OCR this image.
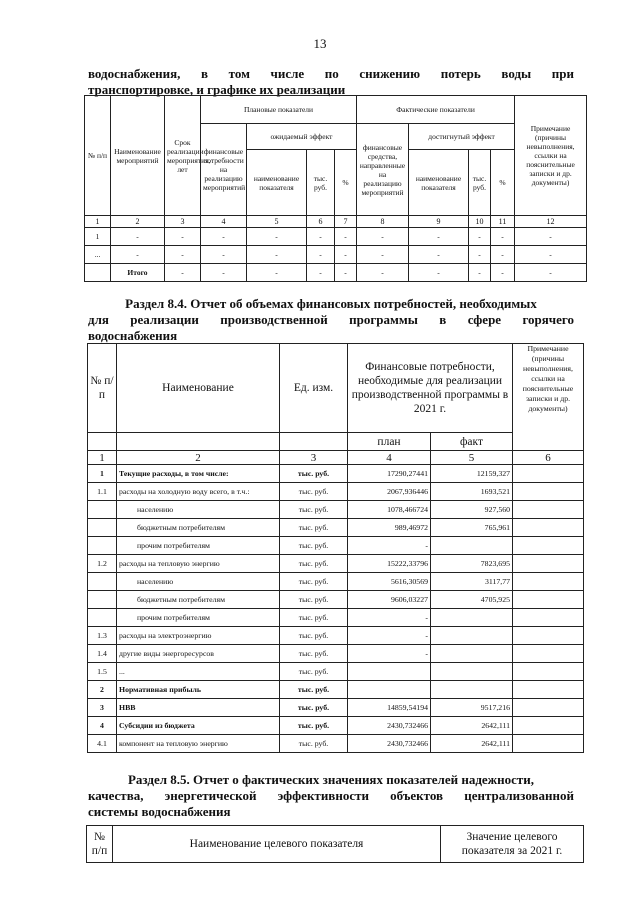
13
водоснабжения, в том числе по снижению потерь воды при
транспортировке, и графике их реализации
№ п/п	Наименование мероприятий	Срок реализации мероприятия, лет	Плановые показатели				Фактические показатели				Примечание (причины невыполнения, ссылки на пояснительные записки и др. документы)
			финансовые потребности на реализацию мероприятий	ожидаемый эффект			финансовые средства, направленные на реализацию мероприятий	достигнутый эффект			
				наименование показателя	тыс. руб.	%		наименование показателя	тыс. руб.	%	
1	2	3	4	5	6	7	8	9	10	11	12
1	-	-	-	-	-	-	-	-	-	-	-
...	-	-	-	-	-	-	-	-	-	-	-
	Итого	-	-	-	-	-	-	-	-	-	-
Раздел 8.4. Отчет об объемах финансовых потребностей, необходимых
для реализации производственной программы в сфере горячего
водоснабжения
№ п/п	Наименование	Ед. изм.	Финансовые потребности, необходимые для реализации производственной программы в 2021 г.		Примечание (причины невыполнения, ссылки на пояснительные записки и др. документы)

			план	факт	
1	2	3	4	5	6
1	Текущие расходы, в том числе:	тыс. руб.	17290,27441	12159,327	
1.1	расходы на холодную воду всего, в т.ч.:	тыс. руб.	2067,936446	1693,521	
	населению	тыс. руб.	1078,466724	927,560	
	бюджетным потребителям	тыс. руб.	989,46972	765,961	
	прочим потребителям	тыс. руб.	-		
1.2	расходы на тепловую энергию	тыс. руб.	15222,33796	7823,695	
	населению	тыс. руб.	5616,30569	3117,77	
	бюджетным потребителям	тыс. руб.	9606,03227	4705,925	
	прочим потребителям	тыс. руб.	-		
1.3	расходы на электроэнергию	тыс. руб.	-		
1.4	другие виды энергоресурсов	тыс. руб.	-		
1.5	...	тыс. руб.			
2	Нормативная прибыль	тыс. руб.			
3	НВВ	тыс. руб.	14859,54194	9517,216	
4	Субсидии из бюджета	тыс. руб.	2430,732466	2642,111	
4.1	компонент на тепловую энергию	тыс. руб.	2430,732466	2642,111	
Раздел 8.5. Отчет о фактических значениях показателей надежности,
качества, энергетической эффективности объектов централизованной
системы водоснабжения
№ п/п	Наименование целевого показателя	Значение целевого показателя за 2021 г.
